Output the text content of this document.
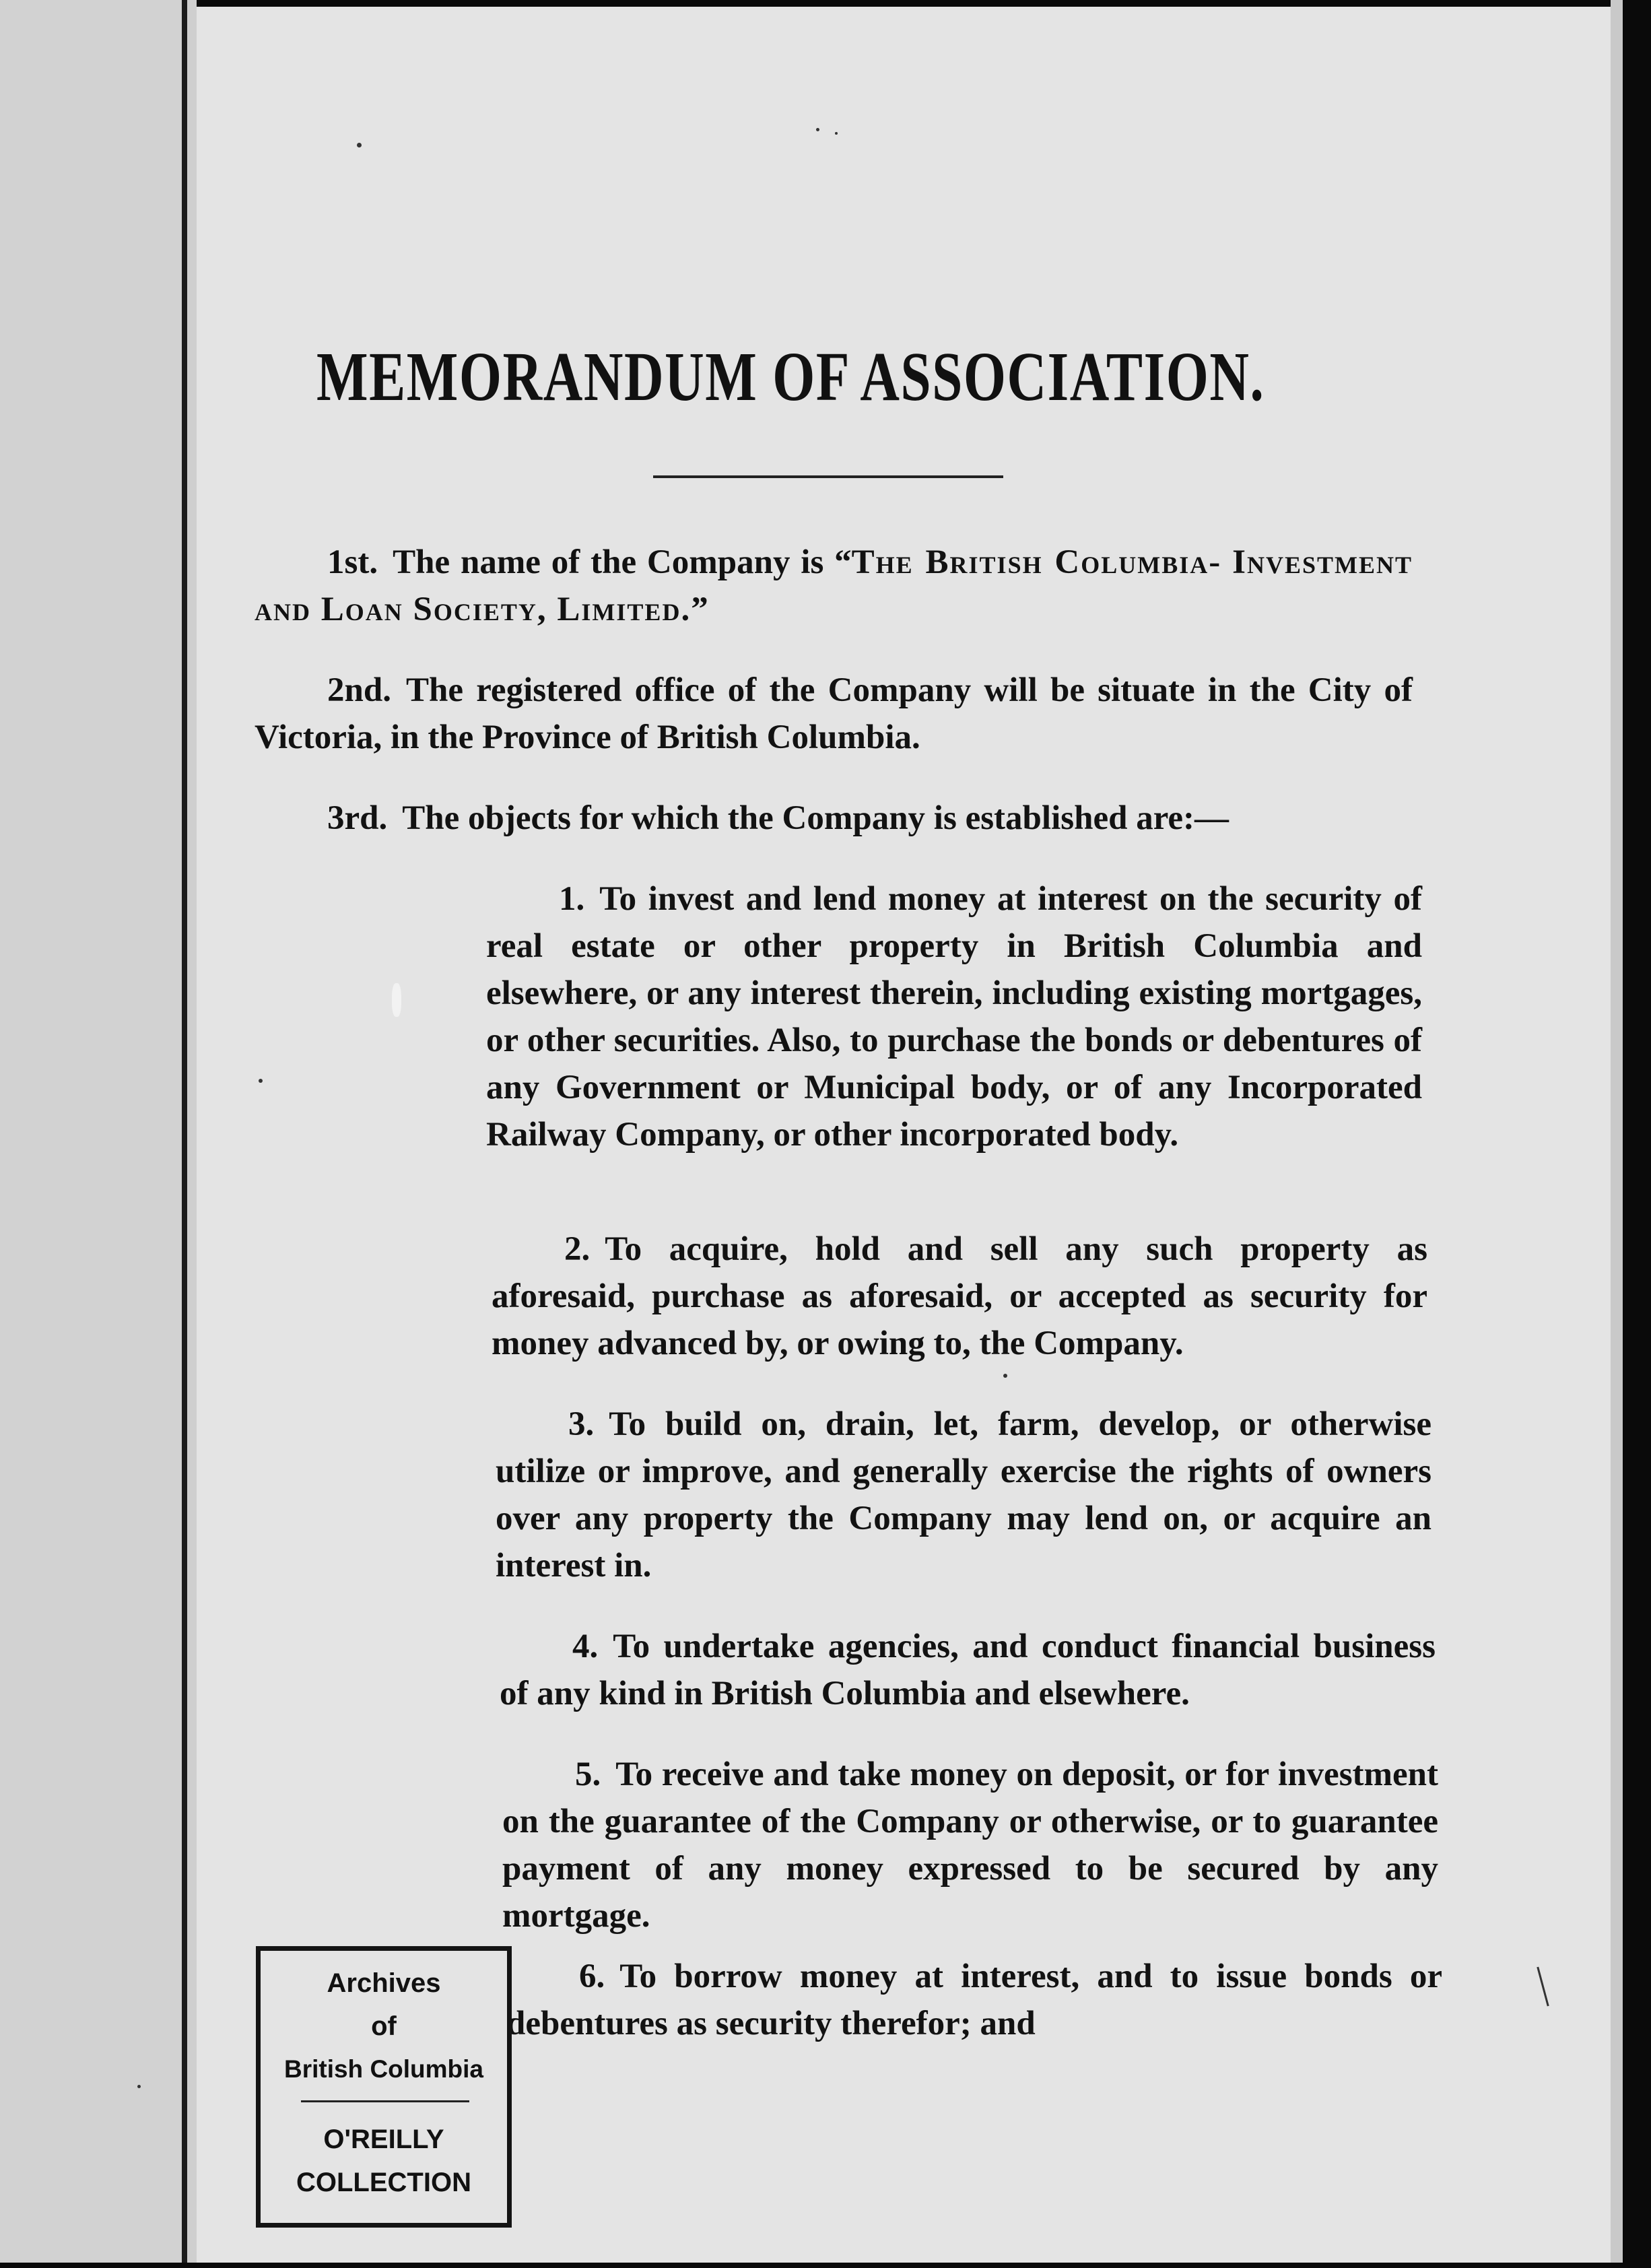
MEMORANDUM OF ASSOCIATION.
1st. The name of the Company is “The British Columbia- Investment and Loan Society, Limited.”
2nd. The registered office of the Company will be situate in the City of Victoria, in the Province of British Columbia.
3rd. The objects for which the Company is established are:—
1. To invest and lend money at interest on the security of real estate or other property in British Columbia and elsewhere, or any interest therein, including existing mortgages, or other securities. Also, to purchase the bonds or debentures of any Government or Municipal body, or of any Incorporated Railway Company, or other incorporated body.
2. To acquire, hold and sell any such property as aforesaid, purchase as aforesaid, or accepted as security for money advanced by, or owing to, the Company.
3. To build on, drain, let, farm, develop, or otherwise utilize or improve, and generally exercise the rights of owners over any property the Company may lend on, or acquire an interest in.
4. To undertake agencies, and conduct financial business of any kind in British Columbia and elsewhere.
5. To receive and take money on deposit, or for investment on the guarantee of the Company or otherwise, or to guarantee payment of any money expressed to be secured by any mortgage.
6. To borrow money at interest, and to issue bonds or debentures as security therefor; and
Archives
of
British Columbia
O'REILLY
COLLECTION
